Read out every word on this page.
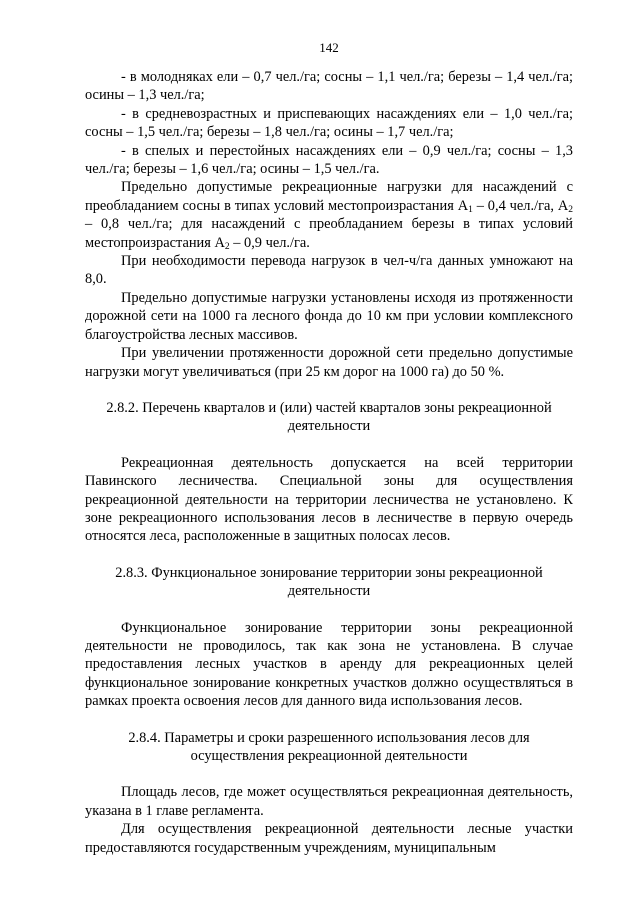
142

- в молодняках ели – 0,7 чел./га; сосны – 1,1 чел./га; березы – 1,4 чел./га; осины – 1,3 чел./га;

- в средневозрастных и приспевающих насаждениях ели – 1,0 чел./га; сосны – 1,5 чел./га; березы – 1,8 чел./га; осины – 1,7 чел./га;

- в спелых и перестойных насаждениях ели – 0,9 чел./га; сосны – 1,3 чел./га; березы – 1,6 чел./га; осины – 1,5 чел./га.

Предельно допустимые рекреационные нагрузки для насаждений с преобладанием сосны в типах условий местопроизрастания $А_1 - 0,4$ чел./га, $А_2 - 0,8$ чел./га; для насаждений с преобладанием березы в типах условий местопроизрастания $А_2 - 0,9$ чел./га.

При необходимости перевода нагрузок в чел-ч/га данных умножают на 8,0.

Предельно допустимые нагрузки установлены исходя из протяженности дорожной сети на 1000 га лесного фонда до 10 км при условии комплексного благоустройства лесных массивов.

При увеличении протяженности дорожной сети предельно допустимые нагрузки могут увеличиваться (при 25 км дорог на 1000 га) до 50 %.

2.8.2. Перечень кварталов и (или) частей кварталов зоны рекреационной деятельности

Рекреационная деятельность допускается на всей территории Павинского лесничества. Специальной зоны для осуществления рекреационной деятельности на территории лесничества не установлено. К зоне рекреационного использования лесов в лесничестве в первую очередь относятся леса, расположенные в защитных полосах лесов.

2.8.3. Функциональное зонирование территории зоны рекреационной деятельности

Функциональное зонирование территории зоны рекреационной деятельности не проводилось, так как зона не установлена. В случае предоставления лесных участков в аренду для рекреационных целей функциональное зонирование конкретных участков должно осуществляться в рамках проекта освоения лесов для данного вида использования лесов.

2.8.4. Параметры и сроки разрешенного использования лесов для осуществления рекреационной деятельности

Площадь лесов, где может осуществляться рекреационная деятельность, указана в 1 главе регламента.

Для осуществления рекреационной деятельности лесные участки предоставляются государственным учреждениям, муниципальным
